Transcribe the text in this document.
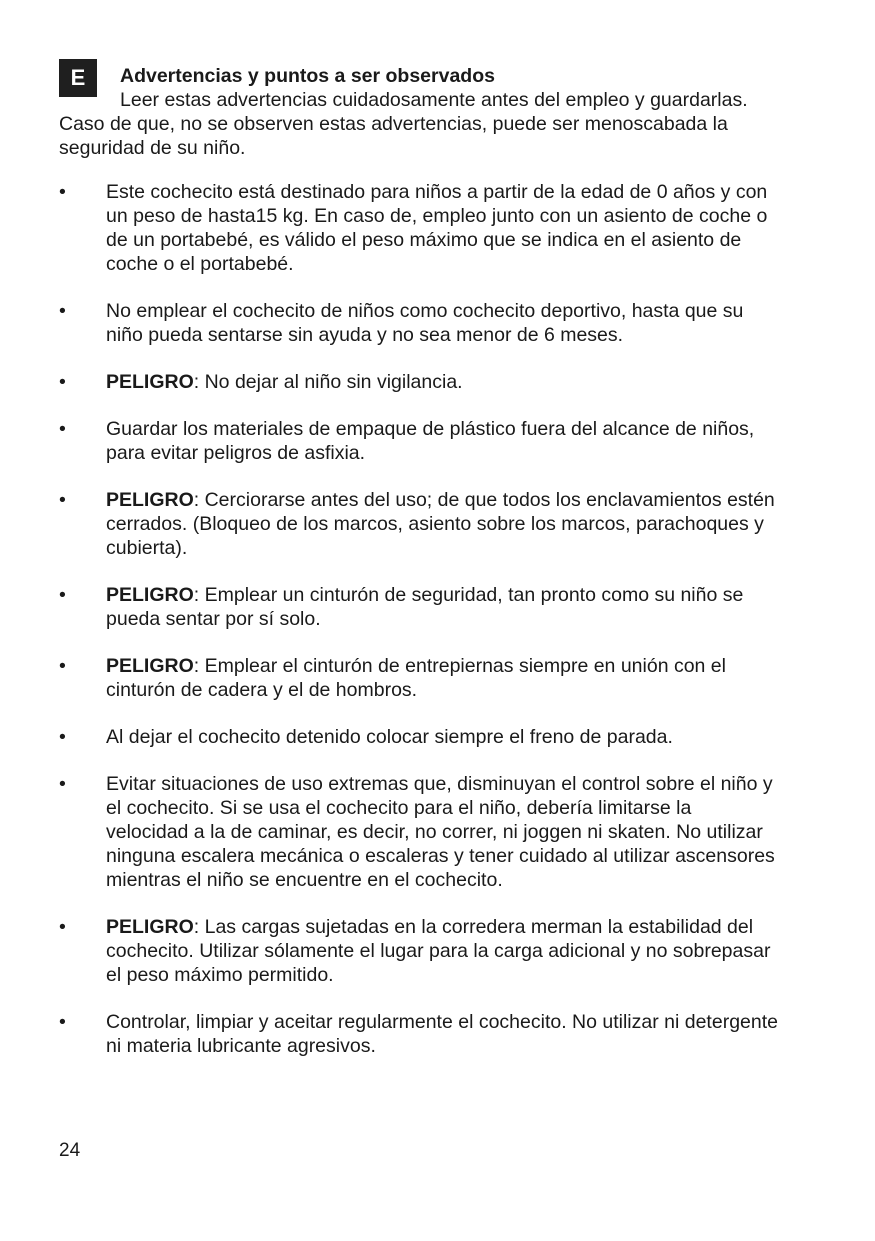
E	Advertencias y puntos a ser observados

Leer estas advertencias cuidadosamente antes del empleo y guardarlas. Caso de que, no se observen estas advertencias, puede ser menoscabada la seguridad de su niño.

• Este cochecito está destinado para niños a partir de la edad de 0 años y con un peso de hasta15 kg. En caso de, empleo junto con un asiento de coche o de un portabebé, es válido el peso máximo que se indica en el asiento de coche o el portabebé.
• No emplear el cochecito de niños como cochecito deportivo, hasta que su niño pueda sentarse sin ayuda y no sea menor de 6 meses.
• PELIGRO: No dejar al niño sin vigilancia.
• Guardar los materiales de empaque de plástico fuera del alcance de niños, para evitar peligros de asfixia.
• PELIGRO: Cerciorarse antes del uso; de que todos los enclavamientos estén cerrados. (Bloqueo de los marcos, asiento sobre los marcos, parachoques y cubierta).
• PELIGRO: Emplear un cinturón de seguridad, tan pronto como su niño se pueda sentar por sí solo.
• PELIGRO: Emplear el cinturón de entrepiernas siempre en unión con el cinturón de cadera y el de hombros.
• Al dejar el cochecito detenido colocar siempre el freno de parada.
• Evitar situaciones de uso extremas que, disminuyan el control sobre el niño y el cochecito. Si se usa el cochecito para el niño, debería limitarse la velocidad a la de caminar, es decir, no correr, ni joggen ni skaten. No utilizar ninguna escalera mecánica o escaleras y tener cuidado al utilizar ascensores mientras el niño se encuentre en el cochecito.
• PELIGRO: Las cargas sujetadas en la corredera merman la estabilidad del cochecito. Utilizar sólamente el lugar para la carga adicional y no sobrepasar el peso máximo permitido.
• Controlar, limpiar y aceitar regularmente el cochecito. No utilizar ni detergente ni materia lubricante agresivos.
24
